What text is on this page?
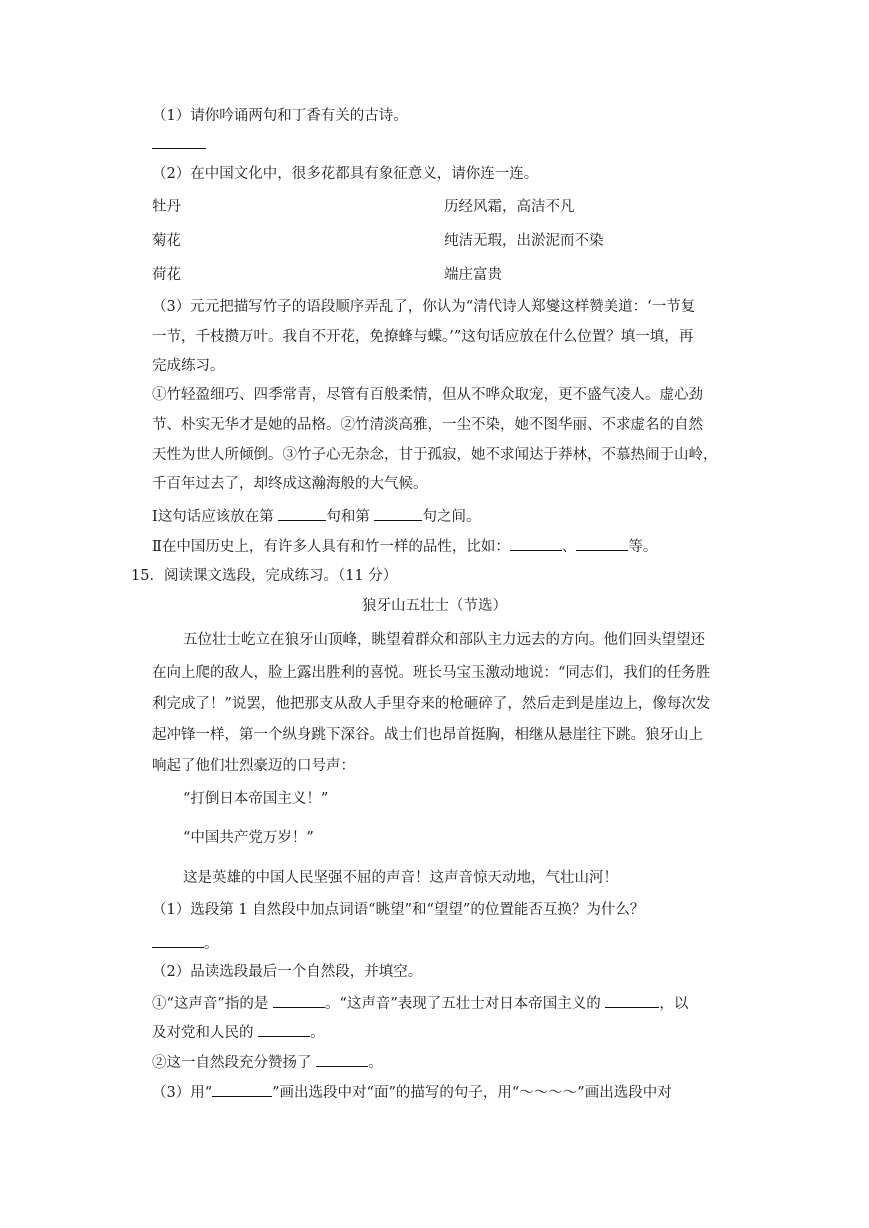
（1）请你吟诵两句和丁香有关的古诗。
（2）在中国文化中，很多花都具有象征意义，请你连一连。
牡丹	历经风霜，高洁不凡
菊花	纯洁无瑕，出淤泥而不染
荷花	端庄富贵
（3）元元把描写竹子的语段顺序弄乱了，你认为“清代诗人郑燮这样赞美道：‘一节复
一节，千枝攒万叶。我自不开花，免撩蜂与蝶。’”这句话应放在什么位置？填一填，再
完成练习。
①竹轻盈细巧、四季常青，尽管有百般柔情，但从不哗众取宠，更不盛气凌人。虚心劲
节、朴实无华才是她的品格。②竹清淡高雅，一尘不染，她不图华丽、不求虚名的自然
天性为世人所倾倒。③竹子心无杂念，甘于孤寂，她不求闻达于莽林，不慕热闹于山岭，
千百年过去了，却终成这瀚海般的大气候。
Ⅰ这句话应该放在第	句和第	句之间。
Ⅱ在中国历史上，有许多人具有和竹一样的品性，比如：	、	等。
15．阅读课文选段，完成练习。（11 分）
狼牙山五壮士（节选）
五位壮士屹立在狼牙山顶峰，眺望着群众和部队主力远去的方向。他们回头望望还
在向上爬的敌人，脸上露出胜利的喜悦。班长马宝玉激动地说：“同志们，我们的任务胜
利完成了！”说罢，他把那支从敌人手里夺来的枪砸碎了，然后走到是崖边上，像每次发
起冲锋一样，第一个纵身跳下深谷。战士们也昂首挺胸，相继从悬崖往下跳。狼牙山上
响起了他们壮烈豪迈的口号声：
“打倒日本帝国主义！”
“中国共产党万岁！”
这是英雄的中国人民坚强不屈的声音！这声音惊天动地，气壮山河！
（1）选段第 1 自然段中加点词语“眺望”和“望望”的位置能否互换？为什么？
。
（2）品读选段最后一个自然段，并填空。
①“这声音”指的是	。“这声音”表现了五壮士对日本帝国主义的	，以
及对党和人民的	。
②这一自然段充分赞扬了	。
（3）用“	”画出选段中对“面”的描写的句子，用“～～～～”画出选段中对
